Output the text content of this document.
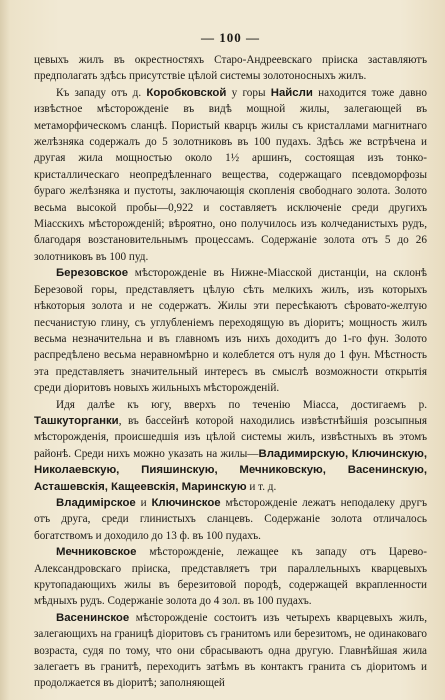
— 100 —

цевыхъ жилъ въ окрестностяхъ Старо-Андреевскаго прiиска заставляютъ предполагать здѣсь присутствiе цѣлой системы золотоносныхъ жилъ.

Къ западу отъ д. Коробковской у горы Найсли находится тоже давно извѣстное мѣсторожденiе въ видѣ мощной жилы, залегающей въ метаморфическомъ сланцѣ. Пористый кварцъ жилы съ кристаллами магнитнаго желѣзняка содержалъ до 5 золотниковъ въ 100 пудахъ. Здѣсь же встрѣчена и другая жила мощностью около 1½ аршинъ, состоящая изъ тонко-кристаллическаго неопредѣленнаго вещества, содержащаго псевдоморфозы бураго желѣзняка и пустоты, заключающiя скопленiя свободнаго золота. Золото весьма высокой пробы—0,922 и составляетъ исключенiе среди другихъ Miасскихъ мѣсторожденiй; вѣроятно, оно получилось изъ колчеданистыхъ рудъ, благодаря возстановительнымъ процессамъ. Содержанiе золота отъ 5 до 26 золотниковъ въ 100 пуд.

Березовское мѣсторожденiе въ Нижне-Мiасской дистанцiи, на склонѣ Березовой горы, представляетъ цѣлую сѣть мелкихъ жилъ, изъ которыхъ нѣкоторыя золота и не содержатъ. Жилы эти пересѣкаютъ сѣровато-желтую песчанистую глину, съ углубленiемъ переходящую въ дiоритъ; мощность жилъ весьма незначительна и въ главномъ изъ нихъ доходитъ до 1-го фун. Золото распредѣлено весьма неравномѣрно и колеблется отъ нуля до 1 фун. Мѣстность эта представляетъ значительный интересъ въ смыслѣ возможности открытiя среди дiоритовъ новыхъ жильныхъ мѣсторожденiй.

Идя далѣе къ югу, вверхъ по теченiю Miасса, достигаемъ р. Ташкуторганки, въ бассейнѣ которой находились извѣстнѣйшiя розсыпныя мѣсторожденiя, происшедшiя изъ цѣлой системы жилъ, извѣстныхъ въ этомъ районѣ. Среди нихъ можно указать на жилы—Владимирскую, Ключинскую, Николаевскую, Пияшинскую, Мечниковскую, Васенинскую, Асташевскiя, Кащеевскiя, Маринскую и т. д.

Владимiрское и Ключинское мѣсторожденiе лежатъ неподалеку другъ отъ друга, среди глинистыхъ сланцевъ. Содержанiе золота отличалось богатствомъ и доходило до 13 ф. въ 100 пудахъ.

Мечниковское мѣсторожденiе, лежащее къ западу отъ Царево-Александровскаго прiиска, представляетъ три параллельныхъ кварцевыхъ крутопадающихъ жилы въ березитовой породѣ, содержащей вкрапленности мѣдныхъ рудъ. Содержанiе золота до 4 зол. въ 100 пудахъ.

Васенинское мѣсторожденiе состоитъ изъ четырехъ кварцевыхъ жилъ, залегающихъ на границѣ дiоритовъ съ гранитомъ или березитомъ, не одинаковаго возраста, судя по тому, что они сбрасываютъ одна другую. Главнѣйшая жила залегаетъ въ гранитѣ, переходитъ затѣмъ въ контактъ гранита съ дiоритомъ и продолжается въ дiоритѣ; заполняющей
